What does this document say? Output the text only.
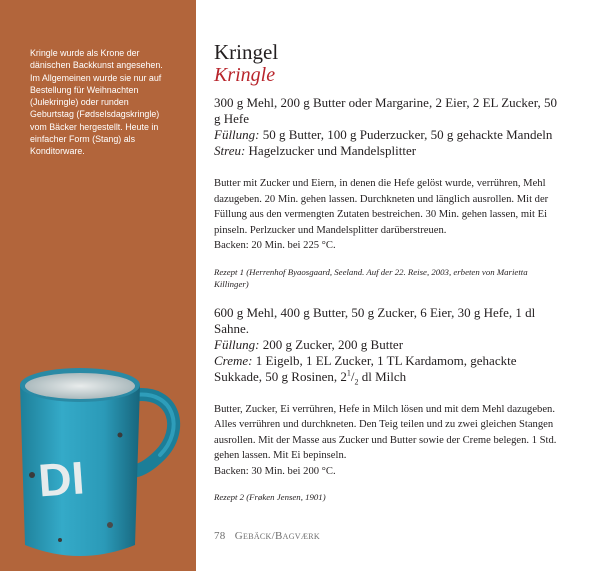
Kringle wurde als Krone der dänischen Backkunst angesehen. Im Allgemeinen wurde sie nur auf Bestellung für Weihnachten (Julekringle) oder runden Geburtstag (Fødselsdagskringle) vom Bäcker hergestellt. Heute in einfacher Form (Stang) als Konditorware.

DI
Kringel
Kringle

300 g Mehl, 200 g Butter oder Margarine, 2 Eier, 2 EL Zucker, 50 g Hefe

Füllung: 50 g Butter, 100 g Puderzucker, 50 g gehackte Mandeln

Streu: Hagelzucker und Mandelsplitter

Butter mit Zucker und Eiern, in denen die Hefe gelöst wurde, verrühren, Mehl dazugeben. 20 Min. gehen lassen. Durchkneten und länglich ausrollen. Mit der Füllung aus den vermengten Zutaten bestreichen. 30 Min. gehen lassen, mit Ei pinseln. Perlzucker und Mandelsplitter darüberstreuen.

Backen: 20 Min. bei 225 °C.

Rezept 1 (Herrenhof Byaosgaard, Seeland. Auf der 22. Reise, 2003, erbeten von Marietta Killinger)

600 g Mehl, 400 g Butter, 50 g Zucker, 6 Eier, 30 g Hefe, 1 dl Sahne.

Füllung: 200 g Zucker, 200 g Butter

Creme: 1 Eigelb, 1 EL Zucker, 1 TL Kardamom, gehackte Sukkade, 50 g Rosinen, $2^1/_2$ dl Milch

Butter, Zucker, Ei verrühren, Hefe in Milch lösen und mit dem Mehl dazugeben. Alles verrühren und durchkneten. Den Teig teilen und zu zwei gleichen Stangen ausrollen. Mit der Masse aus Zucker und Butter sowie der Creme belegen. 1 Std. gehen lassen. Mit Ei bepinseln.

Backen: 30 Min. bei 200 °C.

Rezept 2 (Frøken Jensen, 1901)

78 Gebäck/Bagværk
